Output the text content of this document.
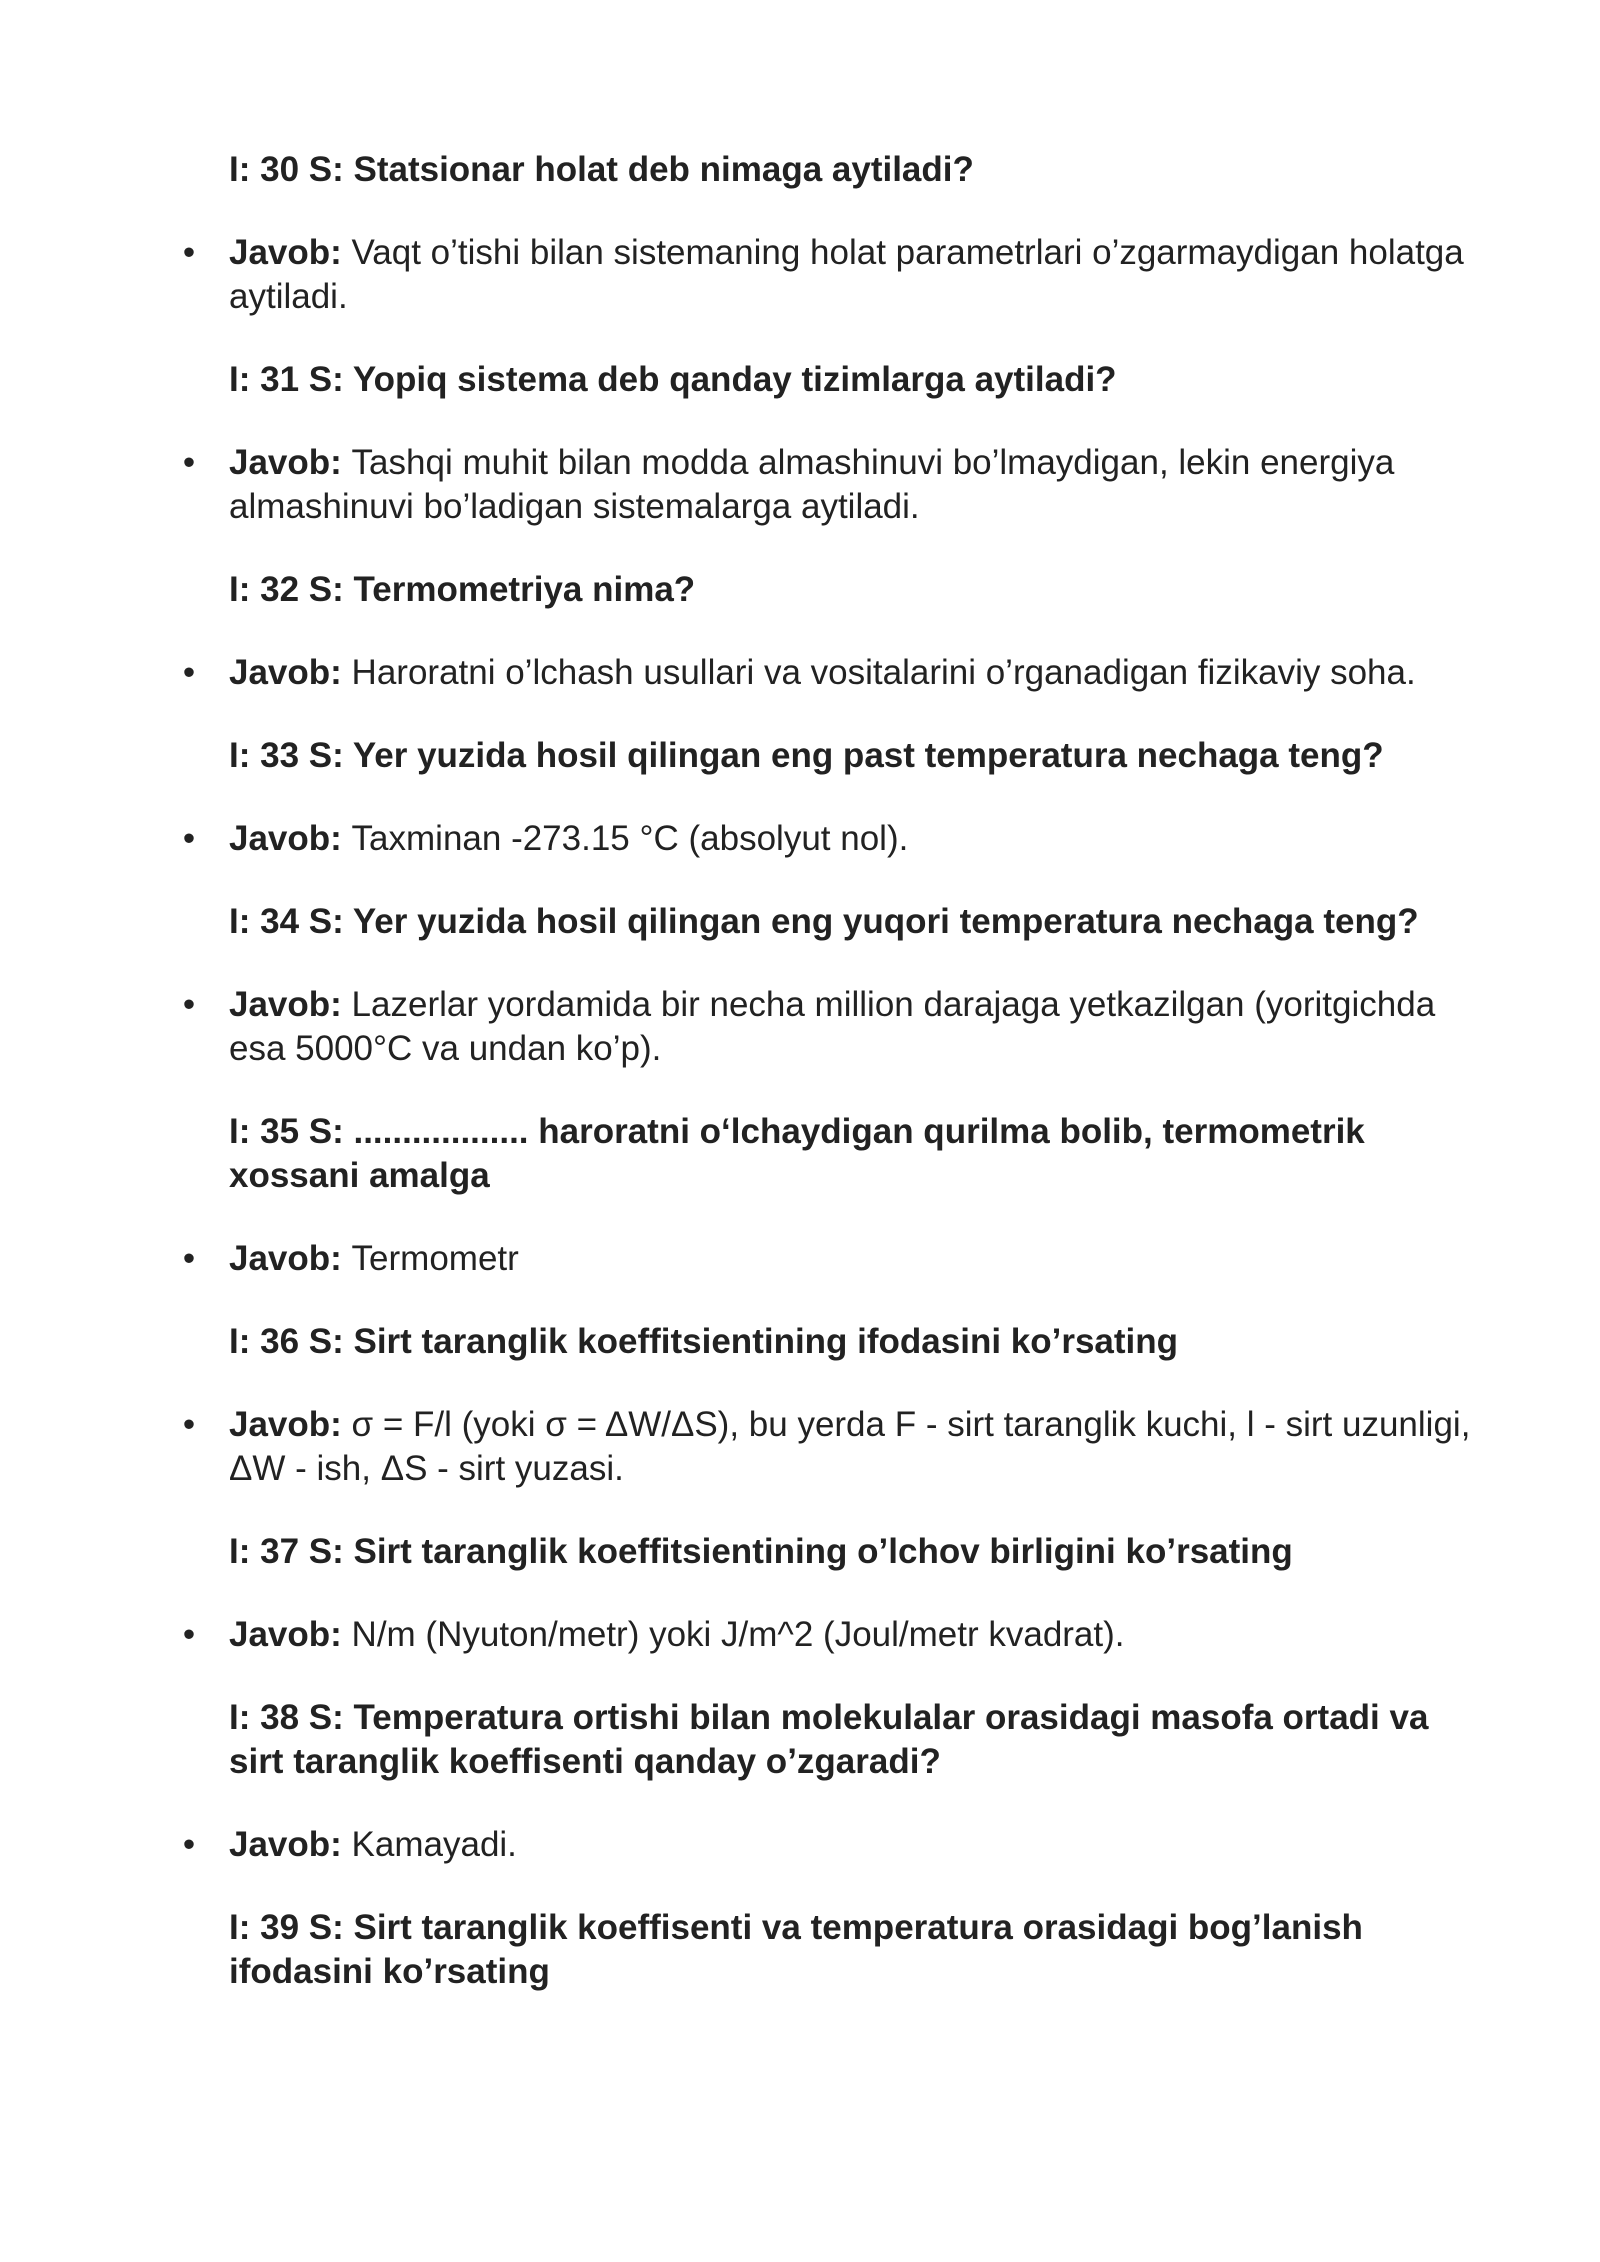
I: 30 S: Statsionar holat deb nimaga aytiladi?
• Javob: Vaqt o’tishi bilan sistemaning holat parametrlari o’zgarmaydigan holatga aytiladi.
I: 31 S: Yopiq sistema deb qanday tizimlarga aytiladi?
• Javob: Tashqi muhit bilan modda almashinuvi bo’lmaydigan, lekin energiya almashinuvi bo’ladigan sistemalarga aytiladi.
I: 32 S: Termometriya nima?
• Javob: Haroratni o’lchash usullari va vositalarini o’rganadigan fizikaviy soha.
I: 33 S: Yer yuzida hosil qilingan eng past temperatura nechaga teng?
• Javob: Taxminan -273.15 °C (absolyut nol).
I: 34 S: Yer yuzida hosil qilingan eng yuqori temperatura nechaga teng?
• Javob: Lazerlar yordamida bir necha million darajaga yetkazilgan (yoritgichda esa 5000°C va undan ko’p).
I: 35 S: .................. haroratni o‘lchaydigan qurilma bolib, termometrik xossani amalga
• Javob: Termometr
I: 36 S: Sirt taranglik koeffitsientining ifodasini ko’rsating
• Javob: σ = F/l (yoki σ = ΔW/ΔS), bu yerda F - sirt taranglik kuchi, l - sirt uzunligi, ΔW - ish, ΔS - sirt yuzasi.
I: 37 S: Sirt taranglik koeffitsientining o’lchov birligini ko’rsating
• Javob: N/m (Nyuton/metr) yoki J/m^2 (Joul/metr kvadrat).
I: 38 S: Temperatura ortishi bilan molekulalar orasidagi masofa ortadi va sirt taranglik koeffisenti qanday o’zgaradi?
• Javob: Kamayadi.
I: 39 S: Sirt taranglik koeffisenti va temperatura orasidagi bog’lanish ifodasini ko’rsating
